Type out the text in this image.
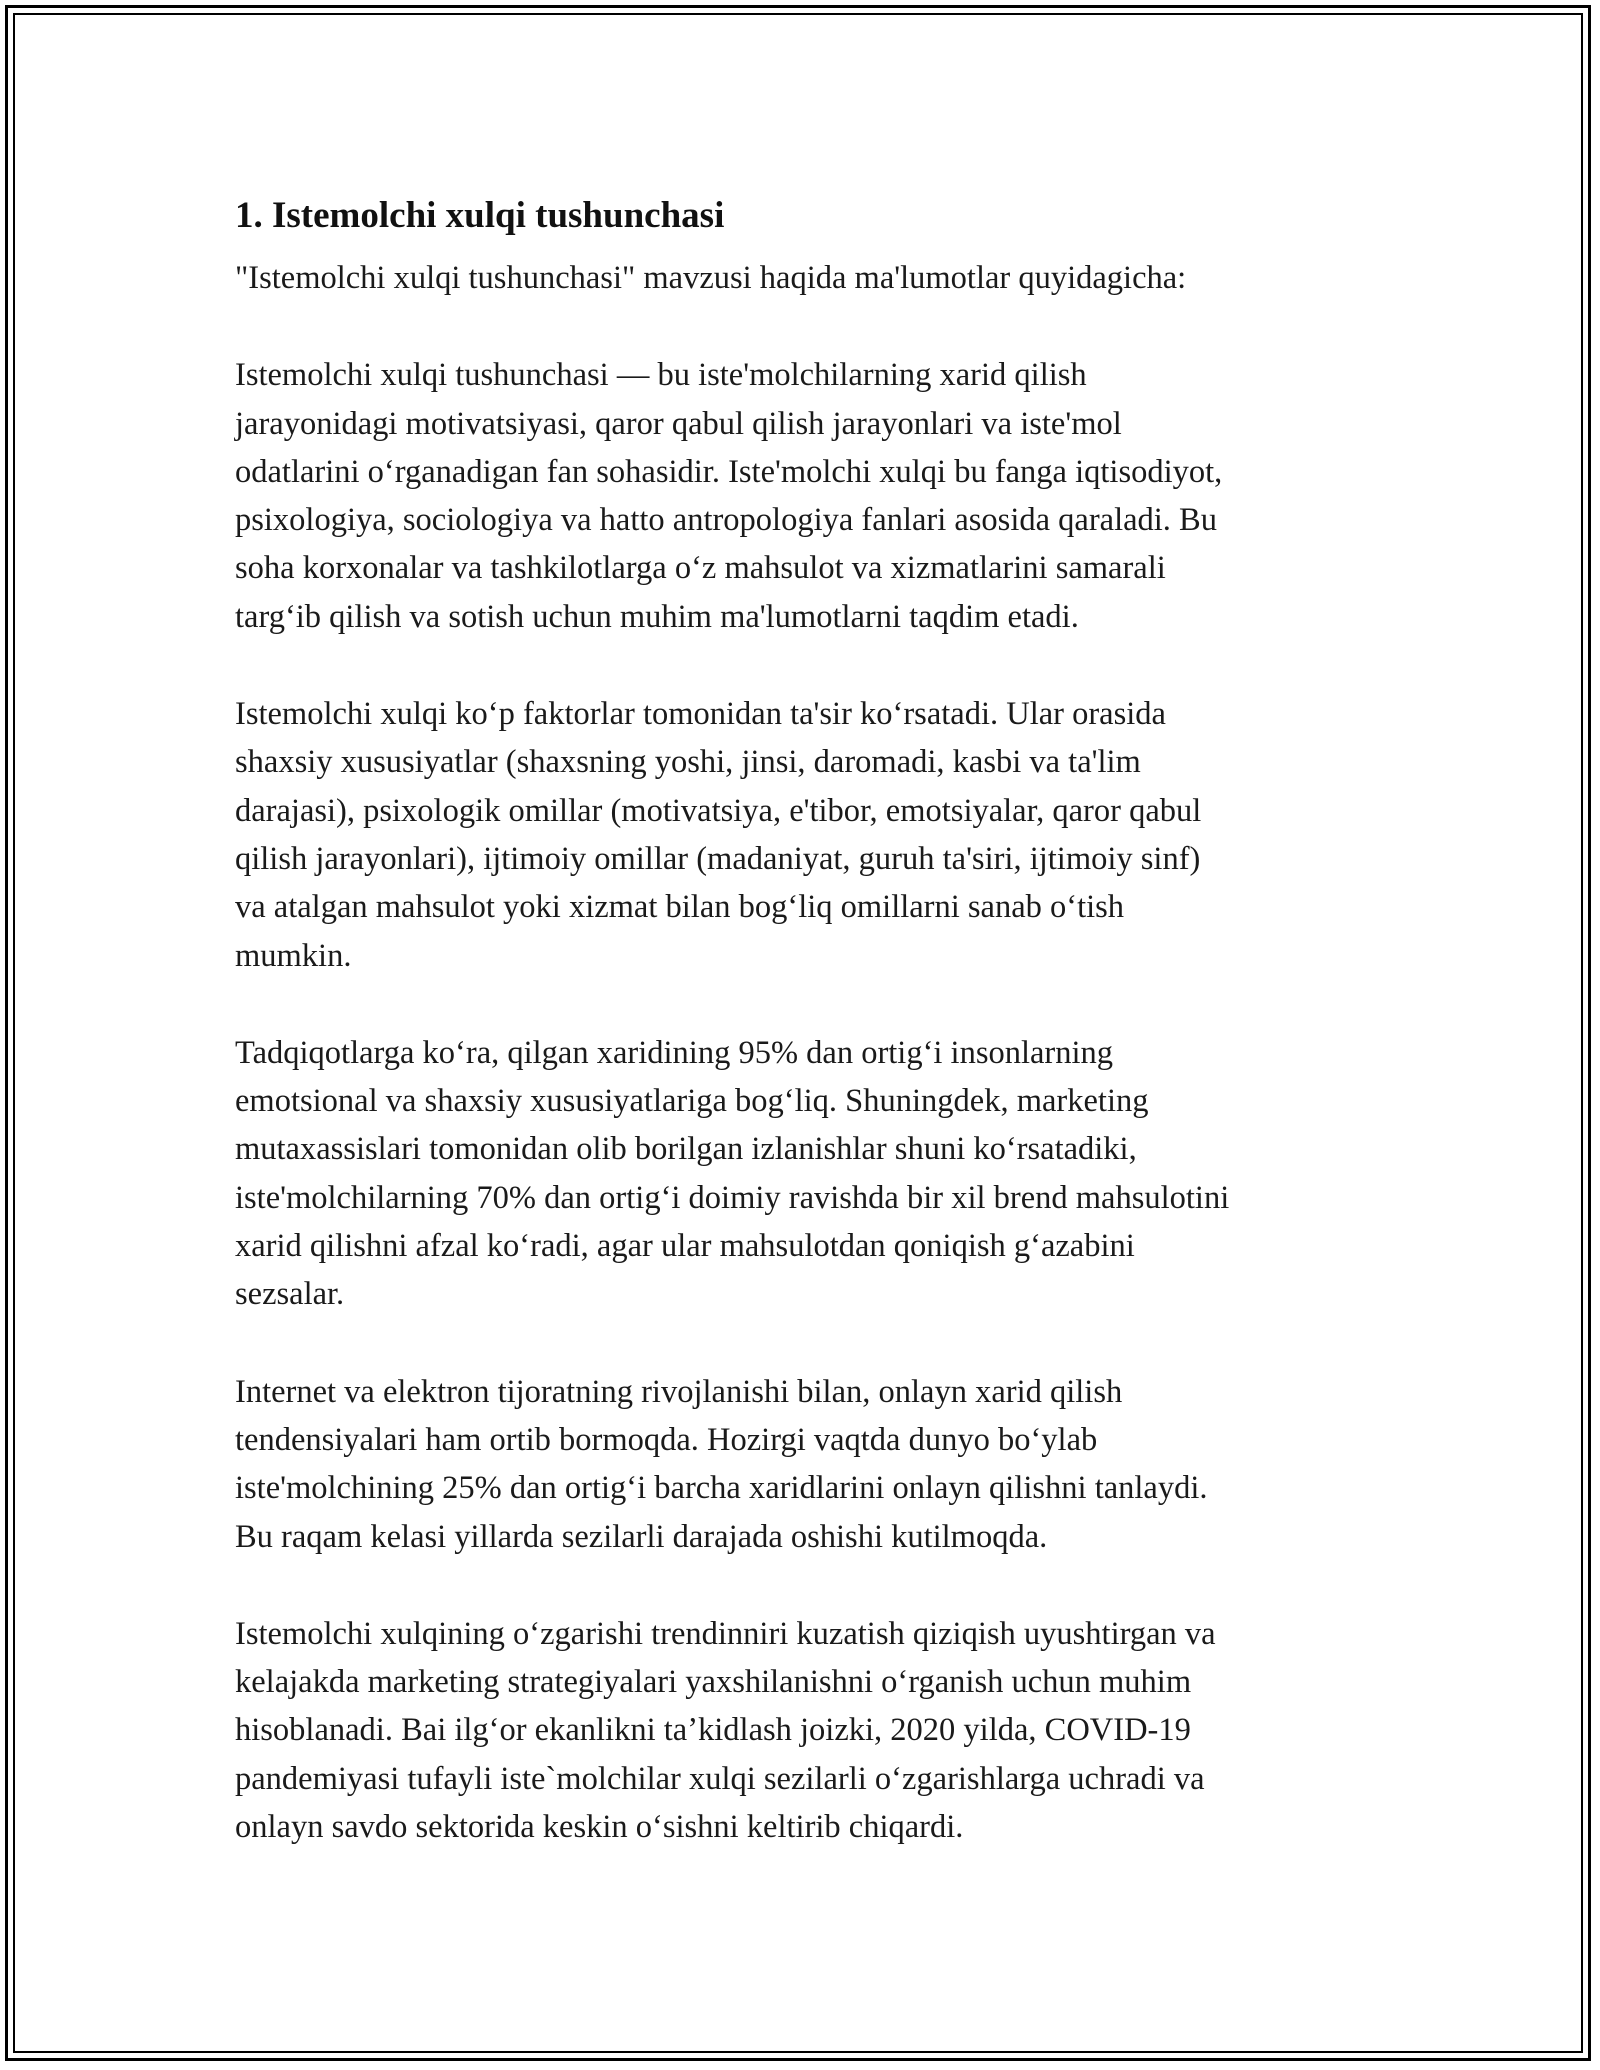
1. Istemolchi xulqi tushunchasi
"Istemolchi xulqi tushunchasi" mavzusi haqida ma'lumotlar quyidagicha:
Istemolchi xulqi tushunchasi — bu iste'molchilarning xarid qilish
jarayonidagi motivatsiyasi, qaror qabul qilish jarayonlari va iste'mol
odatlarini oʻrganadigan fan sohasidir. Iste'molchi xulqi bu fanga iqtisodiyot,
psixologiya, sociologiya va hatto antropologiya fanlari asosida qaraladi. Bu
soha korxonalar va tashkilotlarga oʻz mahsulot va xizmatlarini samarali
targʻib qilish va sotish uchun muhim ma'lumotlarni taqdim etadi.
Istemolchi xulqi koʻp faktorlar tomonidan ta'sir koʻrsatadi. Ular orasida
shaxsiy xususiyatlar (shaxsning yoshi, jinsi, daromadi, kasbi va ta'lim
darajasi), psixologik omillar (motivatsiya, e'tibor, emotsiyalar, qaror qabul
qilish jarayonlari), ijtimoiy omillar (madaniyat, guruh ta'siri, ijtimoiy sinf)
va atalgan mahsulot yoki xizmat bilan bogʻliq omillarni sanab oʻtish
mumkin.
Tadqiqotlarga koʻra, qilgan xaridining 95% dan ortigʻi insonlarning
emotsional va shaxsiy xususiyatlariga bogʻliq. Shuningdek, marketing
mutaxassislari tomonidan olib borilgan izlanishlar shuni koʻrsatadiki,
iste'molchilarning 70% dan ortigʻi doimiy ravishda bir xil brend mahsulotini
xarid qilishni afzal koʻradi, agar ular mahsulotdan qoniqish gʻazabini
sezsalar.
Internet va elektron tijoratning rivojlanishi bilan, onlayn xarid qilish
tendensiyalari ham ortib bormoqda. Hozirgi vaqtda dunyo boʻylab
iste'molchining 25% dan ortigʻi barcha xaridlarini onlayn qilishni tanlaydi.
Bu raqam kelasi yillarda sezilarli darajada oshishi kutilmoqda.
Istemolchi xulqining oʻzgarishi trendinniri kuzatish qiziqish uyushtirgan va
kelajakda marketing strategiyalari yaxshilanishni oʻrganish uchun muhim
hisoblanadi. Bai ilgʻor ekanlikni taʼkidlash joizki, 2020 yilda, COVID-19
pandemiyasi tufayli iste`molchilar xulqi sezilarli oʻzgarishlarga uchradi va
onlayn savdo sektorida keskin oʻsishni keltirib chiqardi.
